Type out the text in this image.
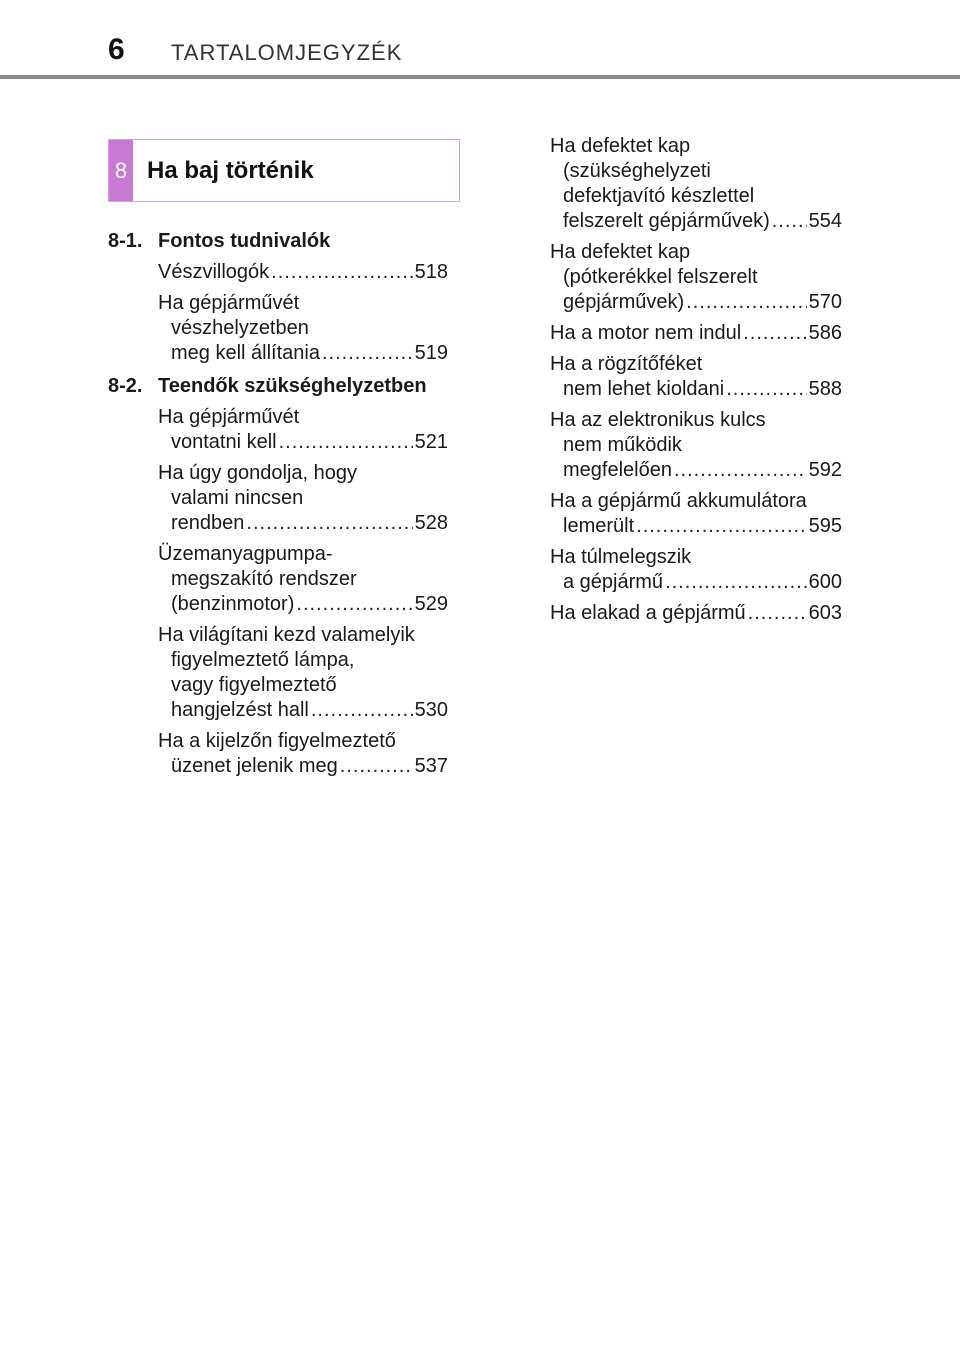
6 TARTALOMJEGYZÉK
8 Ha baj történik
8-1. Fontos tudnivalók
Vészvillogók .....	518
Ha gépjárművét
vészhelyzetben
meg kell állítania .....	519
8-2. Teendők szükséghelyzetben
Ha gépjárművét
vontatni kell .....	521
Ha úgy gondolja, hogy
valami nincsen
rendben .....	528
Üzemanyagpumpa-
megszakító rendszer
(benzinmotor) .....	529
Ha világítani kezd valamelyik
figyelmeztető lámpa,
vagy figyelmeztető
hangjelzést hall .....	530
Ha a kijelzőn figyelmeztető
üzenet jelenik meg .....	537
Ha defektet kap
(szükséghelyzeti
defektjavító készlettel
felszerelt gépjárművek) ..... 554
Ha defektet kap
(pótkerékkel felszerelt
gépjárművek) .....	570
Ha a motor nem indul .....	586
Ha a rögzítőféket
nem lehet kioldani .....	588
Ha az elektronikus kulcs
nem működik
megfelelően .....	592
Ha a gépjármű akkumulátora
lemerült .....	595
Ha túlmelegszik
a gépjármű .....	600
Ha elakad a gépjármű .....	603
